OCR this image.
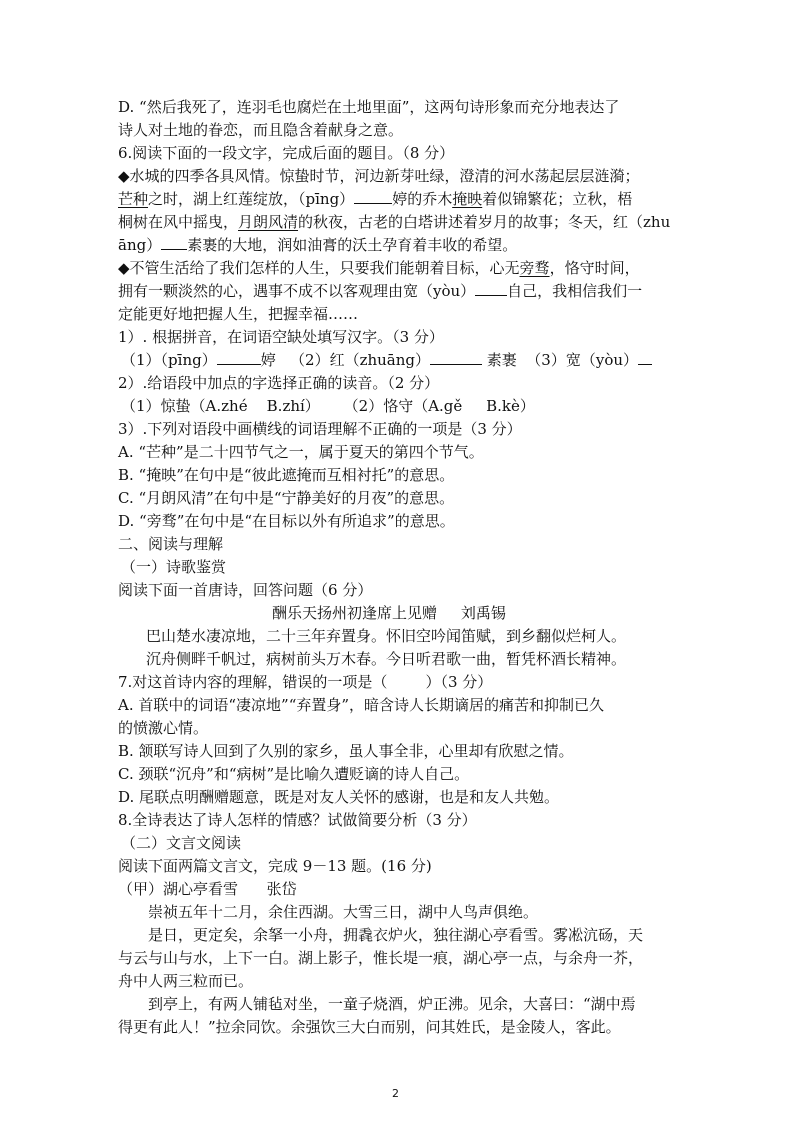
D. “然后我死了，连羽毛也腐烂在土地里面”，这两句诗形象而充分地表达了
诗人对土地的眷恋，而且隐含着献身之意。
6.阅读下面的一段文字，完成后面的题目。（8 分）
◆水城的四季各具风情。惊蛰时节，河边新芽吐绿，澄清的河水荡起层层涟漪；
芒种之时，湖上红莲绽放，（pīng）	婷的乔木掩映着似锦繁花；立秋，梧
桐树在风中摇曳，月朗风清的秋夜，古老的白塔讲述着岁月的故事；冬天，红（zhu
āng） 素裹的大地，润如油膏的沃土孕育着丰收的希望。
◆不管生活给了我们怎样的人生，只要我们能朝着目标，心无旁骛，恪守时间，
拥有一颗淡然的心，遇事不成不以客观理由宽（yòu） 自己，我相信我们一
定能更好地把握人生，把握幸福……
1）. 根据拼音，在词语空缺处填写汉字。（3 分）
（1）（pīng）	婷   （2）红（zhuāng）	素裹  （3）宽（yòu）
2）.给语段中加点的字选择正确的读音。（2 分）
（1）惊蛰（A.zhé    B.zhí）     （2）恪守（A.gě     B.kè）
3）.下列对语段中画横线的词语理解不正确的一项是（3 分）
A. “芒种”是二十四节气之一，属于夏天的第四个节气。
B. “掩映”在句中是“彼此遮掩而互相衬托”的意思。
C. “月朗风清”在句中是“宁静美好的月夜”的意思。
D. “旁骛”在句中是“在目标以外有所追求”的意思。
二、阅读与理解
（一）诗歌鉴赏
阅读下面一首唐诗，回答问题（6 分）
酬乐天扬州初逢席上见赠     刘禹锡
巴山楚水凄凉地，二十三年弃置身。怀旧空吟闻笛赋，到乡翻似烂柯人。
沉舟侧畔千帆过，病树前头万木春。今日听君歌一曲，暂凭杯酒长精神。
7.对这首诗内容的理解，错误的一项是（        ）（3 分）
A. 首联中的词语“凄凉地”“弃置身”，暗含诗人长期谪居的痛苦和抑制已久
的愤激心情。
B. 颔联写诗人回到了久别的家乡，虽人事全非，心里却有欣慰之情。
C. 颈联“沉舟”和“病树”是比喻久遭贬谪的诗人自己。
D. 尾联点明酬赠题意，既是对友人关怀的感谢，也是和友人共勉。
8.全诗表达了诗人怎样的情感？试做简要分析（3 分）
（二）文言文阅读
阅读下面两篇文言文，完成 9－13 题。(16 分)
（甲）湖心亭看雪      张岱
崇祯五年十二月，余住西湖。大雪三日，湖中人鸟声俱绝。
是日，更定矣，余拏一小舟，拥毳衣炉火，独往湖心亭看雪。雾凇沆砀，天
与云与山与水，上下一白。湖上影子，惟长堤一痕，湖心亭一点，与余舟一芥，
舟中人两三粒而已。
到亭上，有两人铺毡对坐，一童子烧酒，炉正沸。见余，大喜曰：“湖中焉
得更有此人！”拉余同饮。余强饮三大白而别，问其姓氏，是金陵人，客此。
2
